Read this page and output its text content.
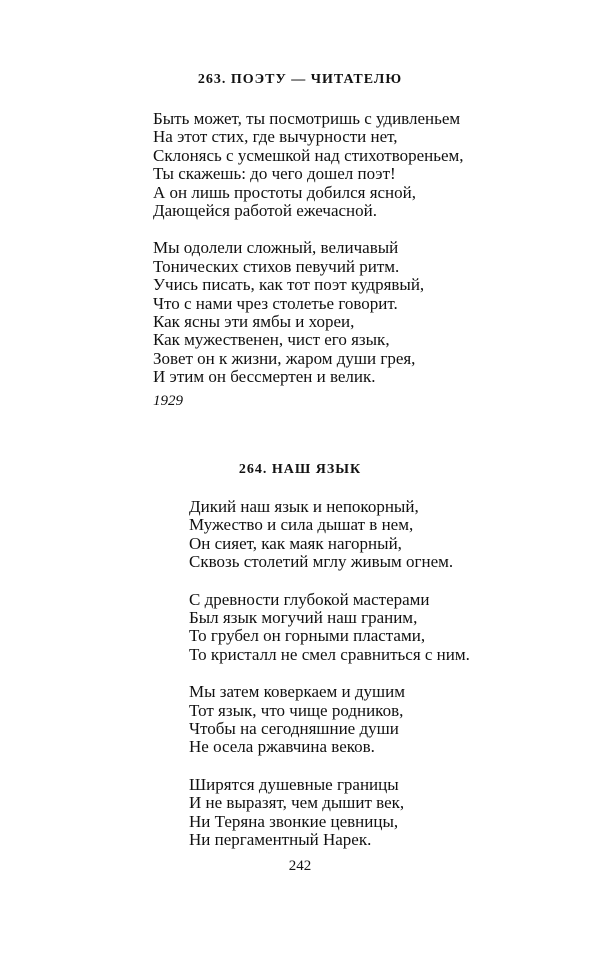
263. ПОЭТУ — ЧИТАТЕЛЮ
Быть может, ты посмотришь с удивленьем
На этот стих, где вычурности нет,
Склонясь с усмешкой над стихотвореньем,
Ты скажешь: до чего дошел поэт!
А он лишь простоты добился ясной,
Дающейся работой ежечасной.
Мы одолели сложный, величавый
Тонических стихов певучий ритм.
Учись писать, как тот поэт кудрявый,
Что с нами чрез столетье говорит.
Как ясны эти ямбы и хореи,
Как мужественен, чист его язык,
Зовет он к жизни, жаром души грея,
И этим он бессмертен и велик.
1929
264. НАШ ЯЗЫК
Дикий наш язык и непокорный,
Мужество и сила дышат в нем,
Он сияет, как маяк нагорный,
Сквозь столетий мглу живым огнем.
С древности глубокой мастерами
Был язык могучий наш граним,
То грубел он горными пластами,
То кристалл не смел сравниться с ним.
Мы затем коверкаем и душим
Тот язык, что чище родников,
Чтобы на сегодняшние души
Не осела ржавчина веков.
Ширятся душевные границы
И не выразят, чем дышит век,
Ни Теряна звонкие цевницы,
Ни пергаментный Нарек.
242
